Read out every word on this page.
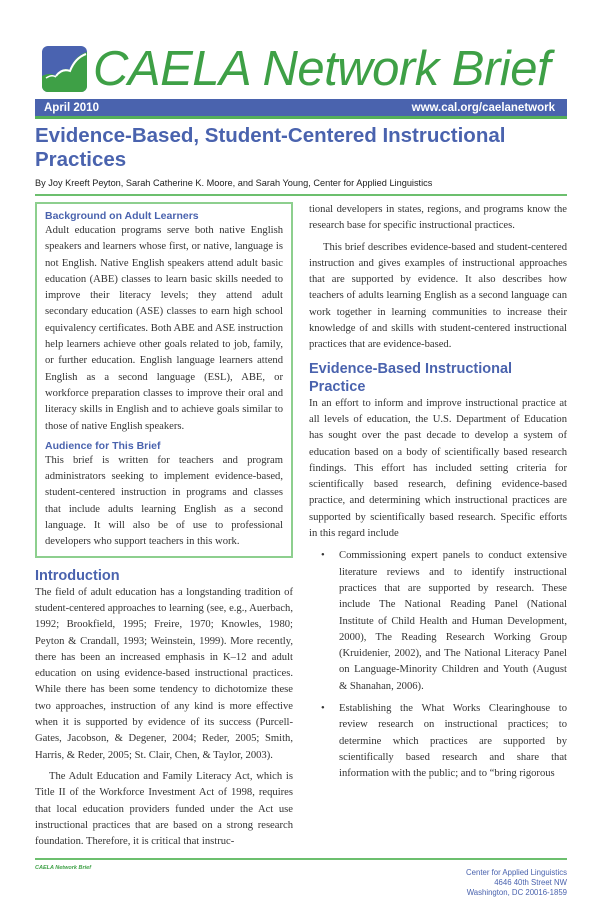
CAELA Network Brief
April 2010	www.cal.org/caelanetwork
Evidence-Based, Student-Centered Instructional Practices
By Joy Kreeft Peyton, Sarah Catherine K. Moore, and Sarah Young, Center for Applied Linguistics
Background on Adult Learners

Adult education programs serve both native English speakers and learners whose first, or native, language is not English. Native English speakers attend adult basic education (ABE) classes to learn basic skills needed to improve their literacy levels; they attend adult secondary education (ASE) classes to earn high school equivalency certificates. Both ABE and ASE instruction help learners achieve other goals related to job, family, or further education. English language learners attend English as a second language (ESL), ABE, or workforce preparation classes to improve their oral and literacy skills in English and to achieve goals similar to those of native English speakers.

Audience for This Brief

This brief is written for teachers and program administrators seeking to implement evidence-based, student-centered instruction in programs and classes that include adults learning English as a second language. It will also be of use to professional developers who support teachers in this work.

Introduction

The field of adult education has a longstanding tradition of student-centered approaches to learning (see, e.g., Auerbach, 1992; Brookfield, 1995; Freire, 1970; Knowles, 1980; Peyton & Crandall, 1993; Weinstein, 1999). More recently, there has been an increased emphasis in K–12 and adult education on using evidence-based instructional practices. While there has been some tendency to dichotomize these two approaches, instruction of any kind is more effective when it is supported by evidence of its success (Purcell-Gates, Jacobson, & Degener, 2004; Reder, 2005; Smith, Harris, & Reder, 2005; St. Clair, Chen, & Taylor, 2003).

The Adult Education and Family Literacy Act, which is Title II of the Workforce Investment Act of 1998, requires that local education providers funded under the Act use instructional practices that are based on a strong research foundation. Therefore, it is critical that instruc-

tional developers in states, regions, and programs know the research base for specific instructional practices.

This brief describes evidence-based and student-centered instruction and gives examples of instructional approaches that are supported by evidence. It also describes how teachers of adults learning English as a second language can work together in learning communities to increase their knowledge of and skills with student-centered instructional practices that are evidence-based.

Evidence-Based Instructional Practice

In an effort to inform and improve instructional practice at all levels of education, the U.S. Department of Education has sought over the past decade to develop a system of education based on a body of scientifically based research findings. This effort has included setting criteria for scientifically based research, defining evidence-based practice, and determining which instructional practices are supported by scientifically based research. Specific efforts in this regard include

• Commissioning expert panels to conduct extensive literature reviews and to identify instructional practices that are supported by research. These include The National Reading Panel (National Institute of Child Health and Human Development, 2000), The Reading Research Working Group (Kruidenier, 2002), and The National Literacy Panel on Language-Minority Children and Youth (August & Shanahan, 2006).
• Establishing the What Works Clearinghouse to review research on instructional practices; to determine which practices are supported by scientifically based research and share that information with the public; and to “bring rigorous
CAELA Network Brief	Center for Applied Linguistics
4646 40th Street NW
Washington, DC 20016-1859
